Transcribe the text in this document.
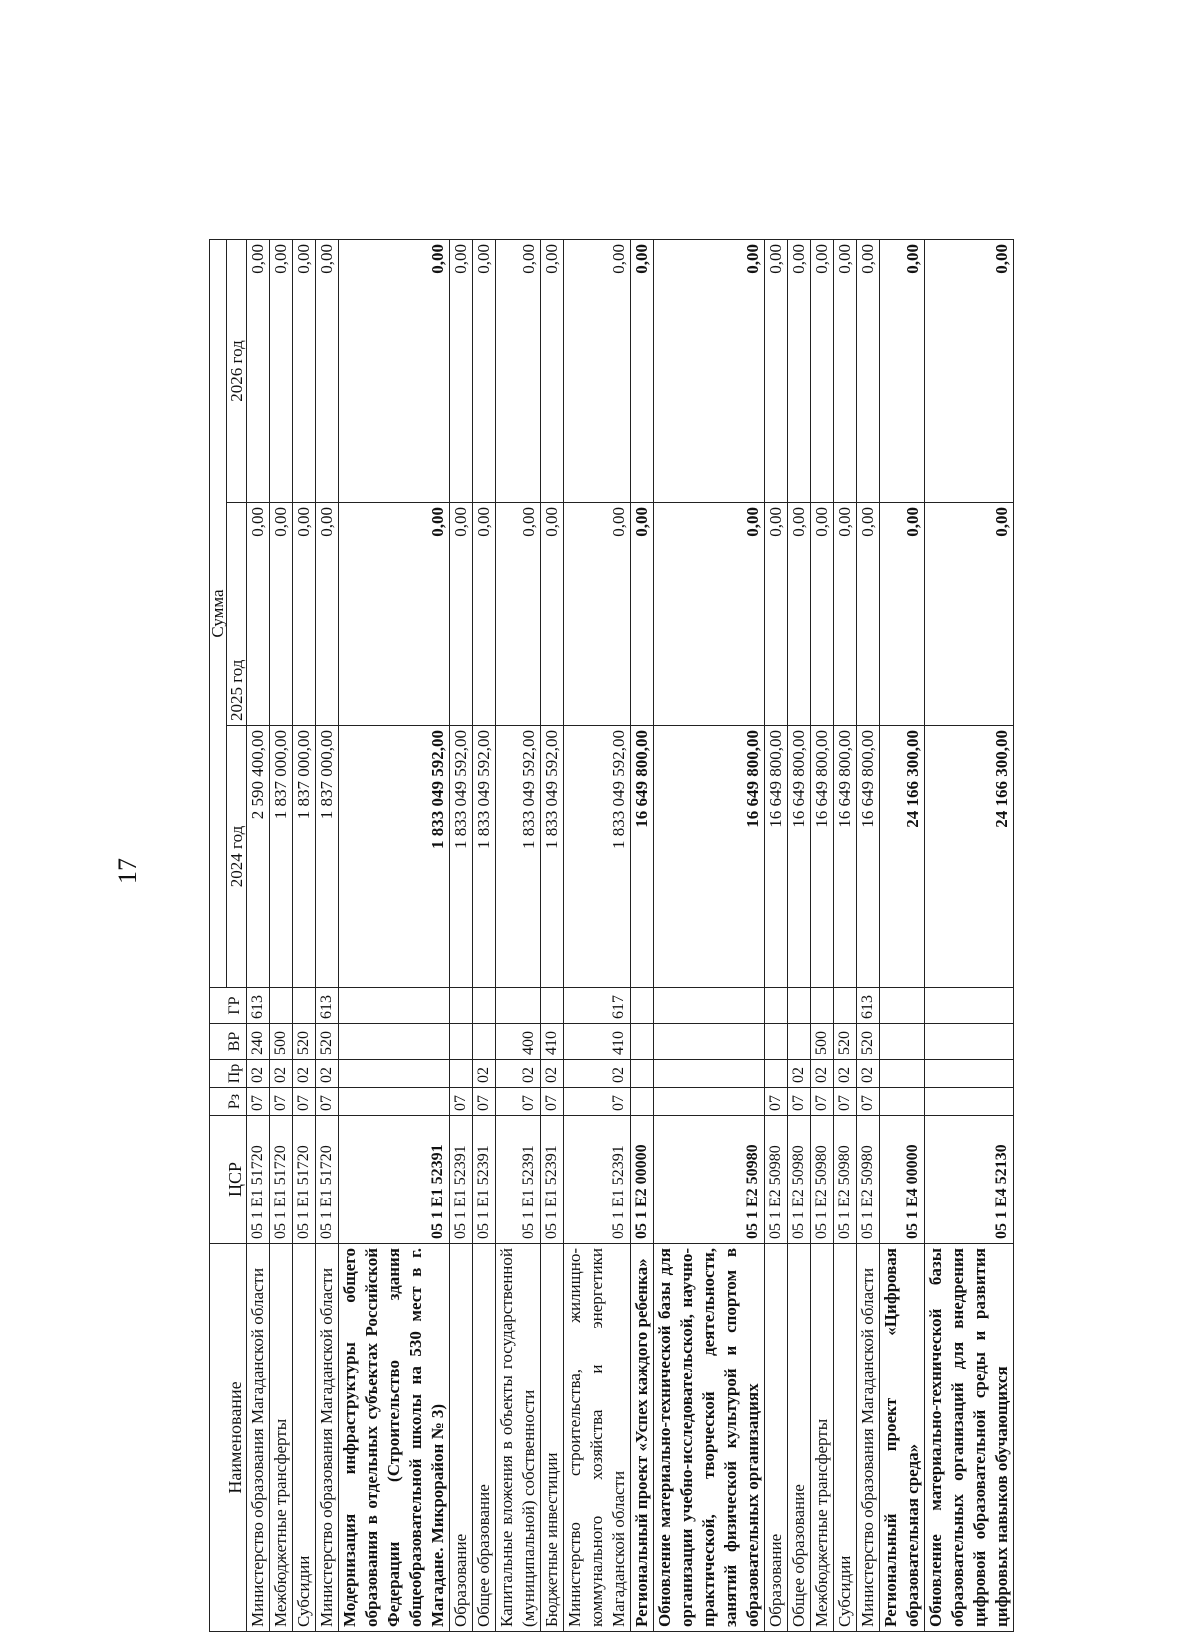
17
Наименование	ЦСР	Рз	Пр	ВР	ГР	Сумма		
						2024 год	2025 год	2026 год
Министерство образования Магаданской области	05 1 E1 51720	07	02	240	613	2 590 400,00	0,00	0,00
Межбюджетные трансферты	05 1 E1 51720	07	02	500		1 837 000,00	0,00	0,00
Субсидии	05 1 E1 51720	07	02	520		1 837 000,00	0,00	0,00
Министерство образования Магаданской области	05 1 E1 51720	07	02	520	613	1 837 000,00	0,00	0,00
Модернизация инфраструктуры общего образования в отдельных субъектах Российской Федерации (Строительство здания общеобразовательной школы на 530 мест в г. Магадане. Микрорайон № 3)	05 1 E1 52391					1 833 049 592,00	0,00	0,00
Образование	05 1 E1 52391	07				1 833 049 592,00	0,00	0,00
Общее образование	05 1 E1 52391	07	02			1 833 049 592,00	0,00	0,00
Капитальные вложения в объекты государственной (муниципальной) собственности	05 1 E1 52391	07	02	400		1 833 049 592,00	0,00	0,00
Бюджетные инвестиции	05 1 E1 52391	07	02	410		1 833 049 592,00	0,00	0,00
Министерство строительства, жилищно-коммунального хозяйства и энергетики Магаданской области	05 1 E1 52391	07	02	410	617	1 833 049 592,00	0,00	0,00
Региональный проект «Успех каждого ребенка»	05 1 E2 00000					16 649 800,00	0,00	0,00
Обновление материально-технической базы для организации учебно-исследовательской, научно-практической, творческой деятельности, занятий физической культурой и спортом в образовательных организациях	05 1 E2 50980					16 649 800,00	0,00	0,00
Образование	05 1 E2 50980	07				16 649 800,00	0,00	0,00
Общее образование	05 1 E2 50980	07	02			16 649 800,00	0,00	0,00
Межбюджетные трансферты	05 1 E2 50980	07	02	500		16 649 800,00	0,00	0,00
Субсидии	05 1 E2 50980	07	02	520		16 649 800,00	0,00	0,00
Министерство образования Магаданской области	05 1 E2 50980	07	02	520	613	16 649 800,00	0,00	0,00
Региональный проект «Цифровая образовательная среда»	05 1 E4 00000					24 166 300,00	0,00	0,00
Обновление материально-технической базы образовательных организаций для внедрения цифровой образовательной среды и развития цифровых навыков обучающихся	05 1 E4 52130					24 166 300,00	0,00	0,00
